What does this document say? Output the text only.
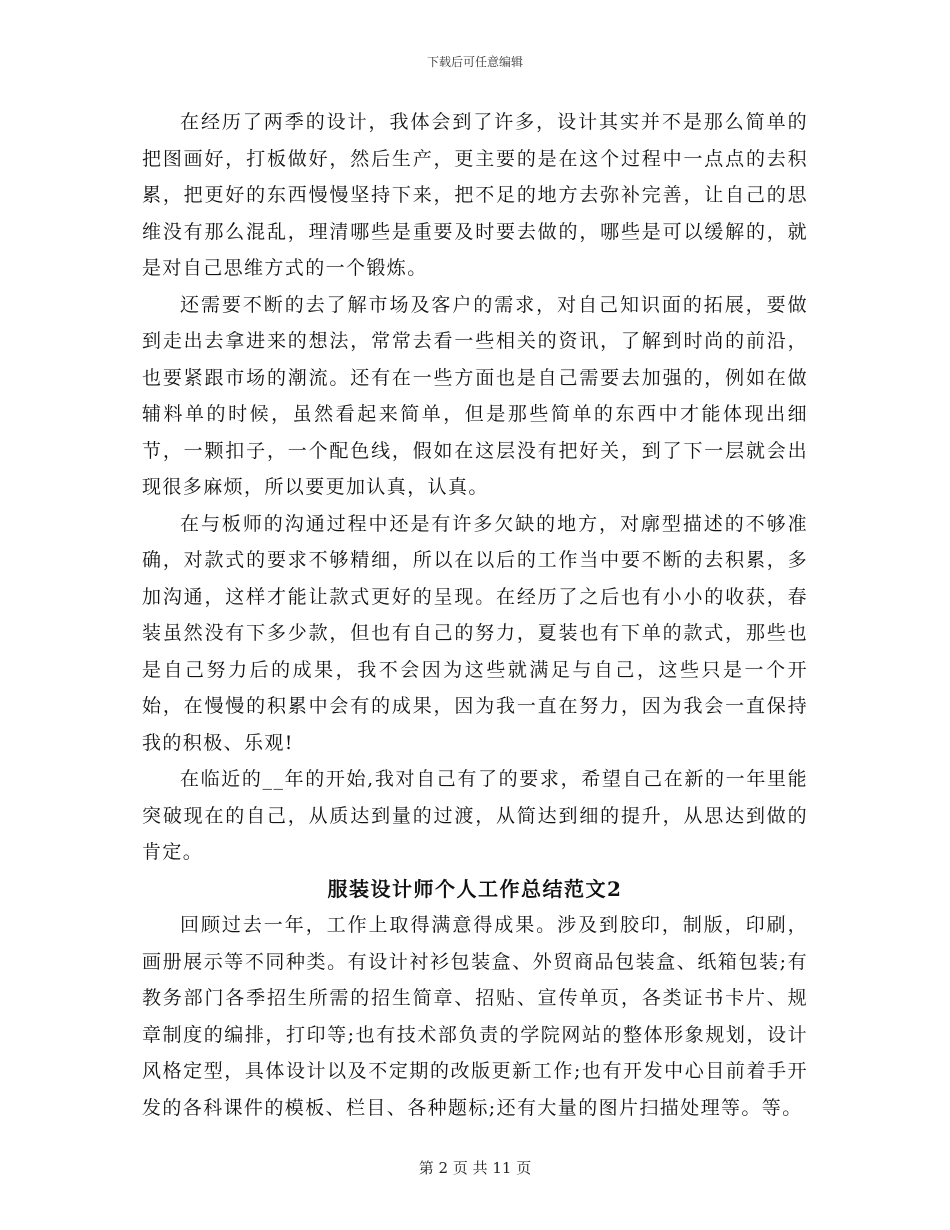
下载后可任意编辑

在经历了两季的设计，我体会到了许多，设计其实并不是那么简单的把图画好，打板做好，然后生产，更主要的是在这个过程中一点点的去积累，把更好的东西慢慢坚持下来，把不足的地方去弥补完善，让自己的思维没有那么混乱，理清哪些是重要及时要去做的，哪些是可以缓解的，就是对自己思维方式的一个锻炼。

还需要不断的去了解市场及客户的需求，对自己知识面的拓展，要做到走出去拿进来的想法，常常去看一些相关的资讯，了解到时尚的前沿，也要紧跟市场的潮流。还有在一些方面也是自己需要去加强的，例如在做辅料单的时候，虽然看起来简单，但是那些简单的东西中才能体现出细节，一颗扣子，一个配色线，假如在这层没有把好关，到了下一层就会出现很多麻烦，所以要更加认真，认真。

在与板师的沟通过程中还是有许多欠缺的地方，对廓型描述的不够准确，对款式的要求不够精细，所以在以后的工作当中要不断的去积累，多加沟通，这样才能让款式更好的呈现。在经历了之后也有小小的收获，春装虽然没有下多少款，但也有自己的努力，夏装也有下单的款式，那些也是自己努力后的成果，我不会因为这些就满足与自己，这些只是一个开始，在慢慢的积累中会有的成果，因为我一直在努力，因为我会一直保持我的积极、乐观!

在临近的__年的开始,我对自己有了的要求，希望自己在新的一年里能突破现在的自己，从质达到量的过渡，从简达到细的提升，从思达到做的肯定。

服装设计师个人工作总结范文2

回顾过去一年，工作上取得满意得成果。涉及到胶印，制版，印刷，画册展示等不同种类。有设计衬衫包装盒、外贸商品包装盒、纸箱包装;有教务部门各季招生所需的招生简章、招贴、宣传单页，各类证书卡片、规章制度的编排，打印等;也有技术部负责的学院网站的整体形象规划，设计风格定型，具体设计以及不定期的改版更新工作;也有开发中心目前着手开发的各科课件的模板、栏目、各种题标;还有大量的图片扫描处理等。等。

第 2 页 共 11 页
